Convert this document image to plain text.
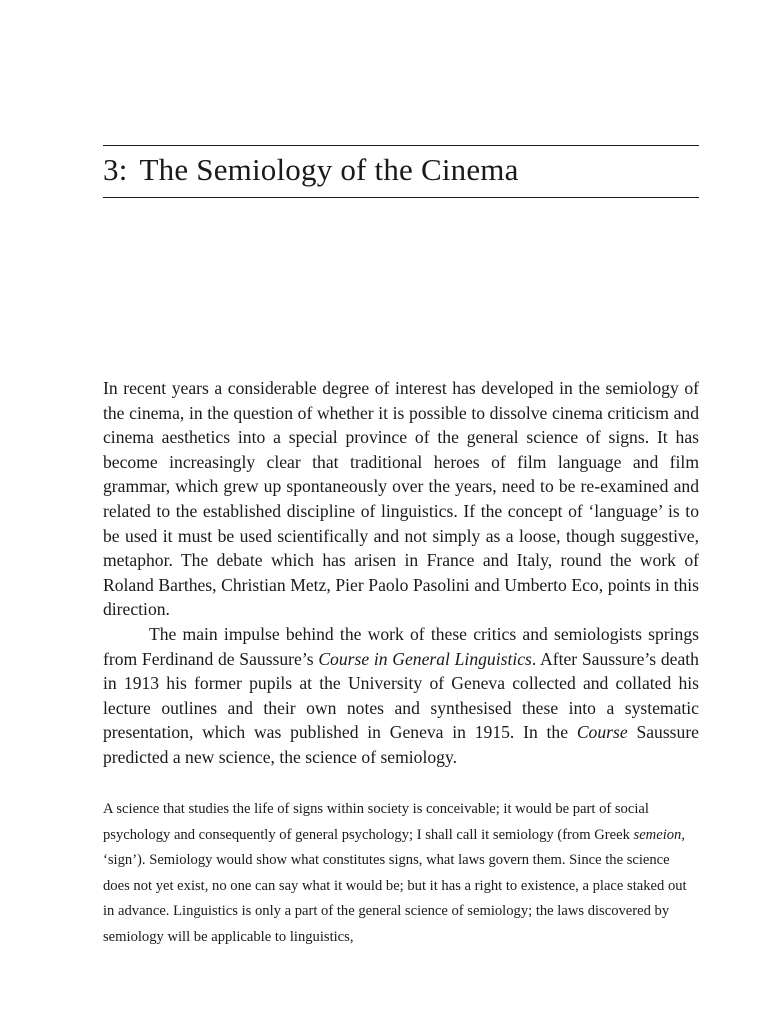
3: The Semiology of the Cinema

In recent years a considerable degree of interest has developed in the semiology of the cinema, in the question of whether it is possible to dissolve cinema criticism and cinema aesthetics into a special province of the general science of signs. It has become increasingly clear that traditional heroes of film language and film grammar, which grew up spontaneously over the years, need to be re-examined and related to the established discipline of linguistics. If the concept of ‘language’ is to be used it must be used scientifically and not simply as a loose, though suggestive, metaphor. The debate which has arisen in France and Italy, round the work of Roland Barthes, Christian Metz, Pier Paolo Pasolini and Umberto Eco, points in this direction.

The main impulse behind the work of these critics and semiologists springs from Ferdinand de Saussure’s Course in General Linguistics. After Saussure’s death in 1913 his former pupils at the University of Geneva collected and collated his lecture outlines and their own notes and synthesised these into a systematic presentation, which was published in Geneva in 1915. In the Course Saussure predicted a new science, the science of semiology.

A science that studies the life of signs within society is conceivable; it would be part of social psychology and consequently of general psychology; I shall call it semiology (from Greek semeion, ‘sign’). Semiology would show what constitutes signs, what laws govern them. Since the science does not yet exist, no one can say what it would be; but it has a right to existence, a place staked out in advance. Linguistics is only a part of the general science of semiology; the laws discovered by semiology will be applicable to linguistics,
